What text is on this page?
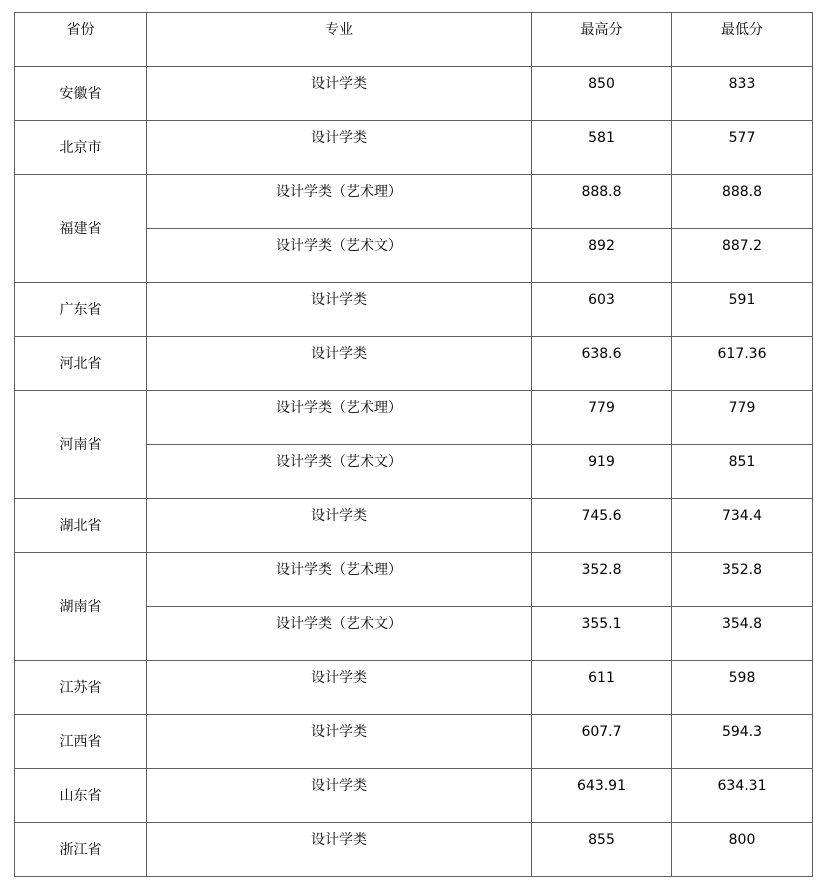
省份	专业	最高分	最低分
安徽省	设计学类	850	833
北京市	设计学类	581	577
福建省	设计学类（艺术理）	888.8	888.8
	设计学类（艺术文）	892	887.2
广东省	设计学类	603	591
河北省	设计学类	638.6	617.36
河南省	设计学类（艺术理）	779	779
	设计学类（艺术文）	919	851
湖北省	设计学类	745.6	734.4
湖南省	设计学类（艺术理）	352.8	352.8
	设计学类（艺术文）	355.1	354.8
江苏省	设计学类	611	598
江西省	设计学类	607.7	594.3
山东省	设计学类	643.91	634.31
浙江省	设计学类	855	800
